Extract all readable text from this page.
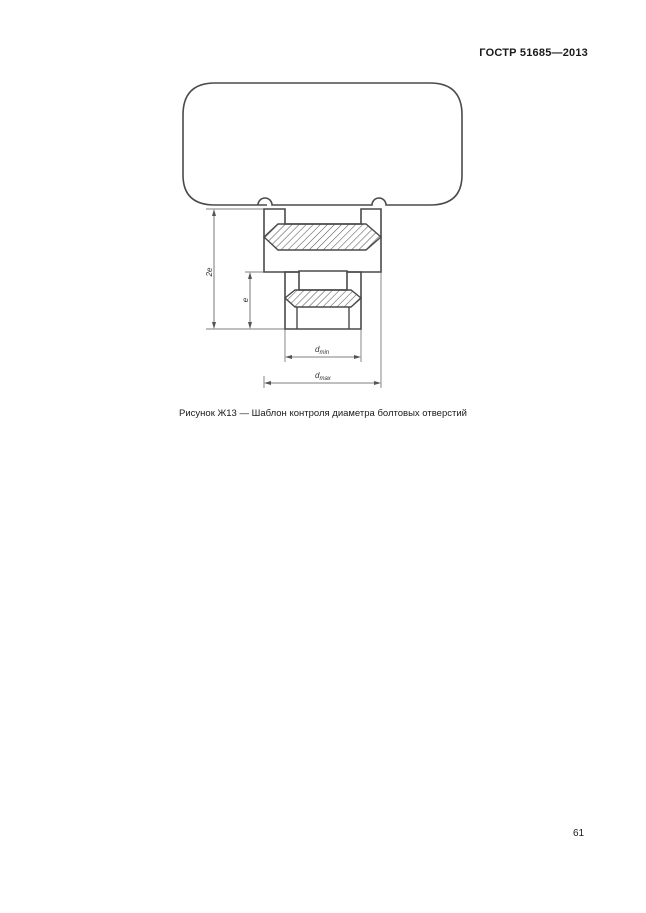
ГОСТР 51685—2013
2e
e
$d_{min}$
$d_{max}$
Рисунок Ж13 — Шаблон контроля диаметра болтовых отверстий
61
